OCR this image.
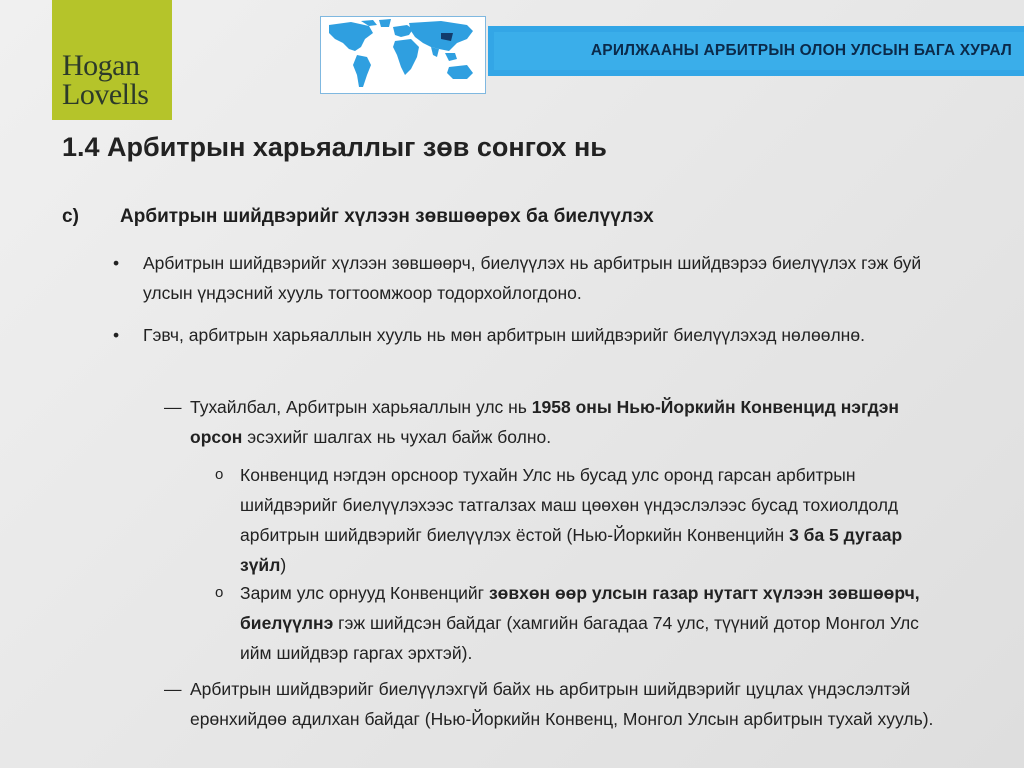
Hogan
Lovells
АРИЛЖААНЫ АРБИТРЫН ОЛОН УЛСЫН БАГА ХУРАЛ
1.4 Арбитрын харьяаллыг зөв сонгох нь
c) Арбитрын шийдвэрийг хүлээн зөвшөөрөх ба биелүүлэх
• Арбитрын шийдвэрийг хүлээн зөвшөөрч, биелүүлэх нь арбитрын шийдвэрээ биелүүлэх гэж буй улсын үндэсний хууль тогтоомжоор тодорхойлогдоно.
• Гэвч, арбитрын харьяаллын хууль нь мөн арбитрын шийдвэрийг биелүүлэхэд нөлөөлнө.
— Тухайлбал, Арбитрын харьяаллын улс нь 1958 оны Нью-Йоркийн Конвенцид нэгдэн орсон эсэхийг шалгах нь чухал байж болно.
o Конвенцид нэгдэн орсноор тухайн Улс нь бусад улс оронд гарсан арбитрын шийдвэрийг биелүүлэхээс татгалзах маш цөөхөн үндэслэлээс бусад тохиолдолд арбитрын шийдвэрийг биелүүлэх ёстой (Нью-Йоркийн Конвенцийн 3 ба 5 дугаар зүйл)
o Зарим улс орнууд Конвенцийг зөвхөн өөр улсын газар нутагт хүлээн зөвшөөрч, биелүүлнэ гэж шийдсэн байдаг (хамгийн багадаа 74 улс, түүний дотор Монгол Улс ийм шийдвэр гаргах эрхтэй).
— Арбитрын шийдвэрийг биелүүлэхгүй байх нь арбитрын шийдвэрийг цуцлах үндэслэлтэй ерөнхийдөө адилхан байдаг (Нью-Йоркийн Конвенц, Монгол Улсын арбитрын тухай хууль).
